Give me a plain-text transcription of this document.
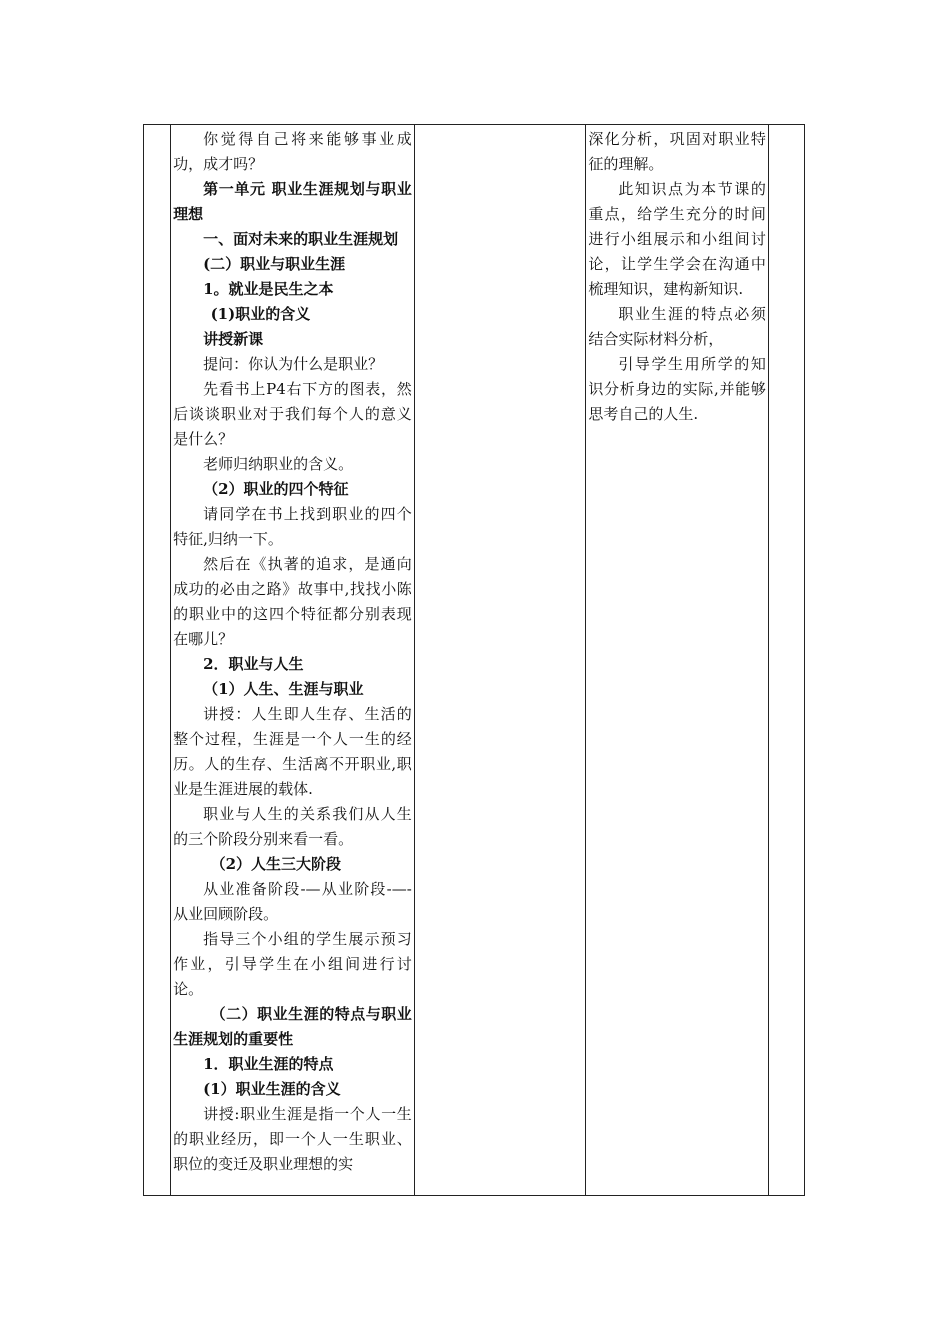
你觉得自己将来能够事业成功，成才吗？

第一单元 职业生涯规划与职业理想

一、面对未来的职业生涯规划

(二）职业与职业生涯

1。就业是民生之本

(1)职业的含义

讲授新课

提问：你认为什么是职业？

先看书上P4右下方的图表，然后谈谈职业对于我们每个人的意义是什么？

老师归纳职业的含义。

（2）职业的四个特征

请同学在书上找到职业的四个特征,归纳一下。

然后在《执著的追求，是通向成功的必由之路》故事中,找找小陈的职业中的这四个特征都分别表现在哪儿？

2．职业与人生

（1）人生、生涯与职业

讲授：人生即人生存、生活的整个过程，生涯是一个人一生的经历。人的生存、生活离不开职业,职业是生涯进展的载体.

职业与人生的关系我们从人生的三个阶段分别来看一看。

（2）人生三大阶段

从业准备阶段-—从业阶段-—-从业回顾阶段。

指导三个小组的学生展示预习作业，引导学生在小组间进行讨论。

（二）职业生涯的特点与职业生涯规划的重要性

1．职业生涯的特点

(1）职业生涯的含义

讲授:职业生涯是指一个人一生的职业经历，即一个人一生职业、职位的变迁及职业理想的实

深化分析，巩固对职业特征的理解。

此知识点为本节课的重点，给学生充分的时间进行小组展示和小组间讨论，让学生学会在沟通中梳理知识，建构新知识.

职业生涯的特点必须结合实际材料分析，

引导学生用所学的知识分析身边的实际,并能够思考自己的人生.
